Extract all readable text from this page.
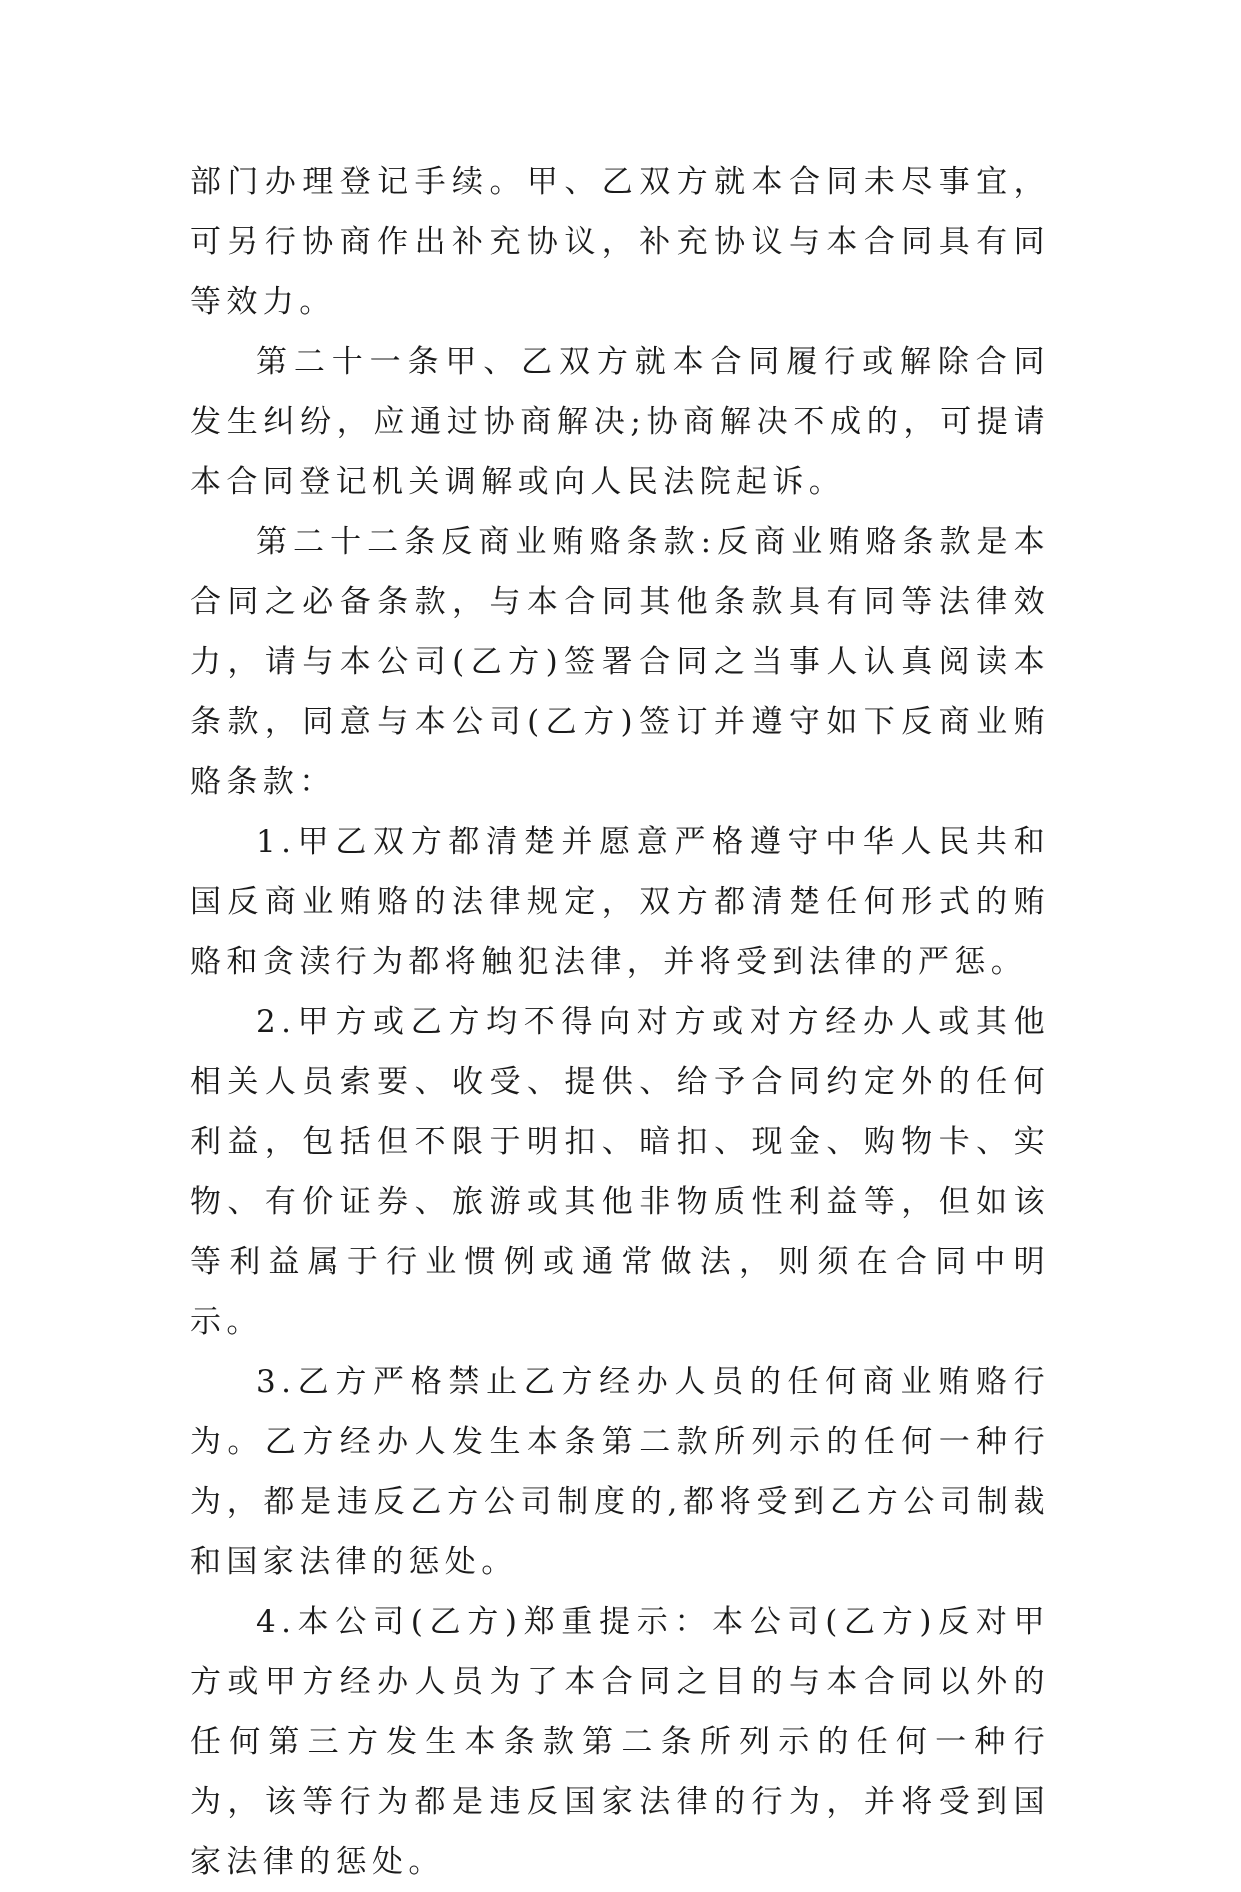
部门办理登记手续。甲、乙双方就本合同未尽事宜，可另行协商作出补充协议，补充协议与本合同具有同等效力。

第二十一条甲、乙双方就本合同履行或解除合同发生纠纷，应通过协商解决;协商解决不成的，可提请本合同登记机关调解或向人民法院起诉。

第二十二条反商业贿赂条款:反商业贿赂条款是本合同之必备条款，与本合同其他条款具有同等法律效力，请与本公司(乙方)签署合同之当事人认真阅读本条款，同意与本公司(乙方)签订并遵守如下反商业贿赂条款：

1.甲乙双方都清楚并愿意严格遵守中华人民共和国反商业贿赂的法律规定，双方都清楚任何形式的贿赂和贪渎行为都将触犯法律，并将受到法律的严惩。

2.甲方或乙方均不得向对方或对方经办人或其他相关人员索要、收受、提供、给予合同约定外的任何利益，包括但不限于明扣、暗扣、现金、购物卡、实物、有价证券、旅游或其他非物质性利益等，但如该等利益属于行业惯例或通常做法，则须在合同中明示。

3.乙方严格禁止乙方经办人员的任何商业贿赂行为。乙方经办人发生本条第二款所列示的任何一种行为，都是违反乙方公司制度的,都将受到乙方公司制裁和国家法律的惩处。

4.本公司(乙方)郑重提示：本公司(乙方)反对甲方或甲方经办人员为了本合同之目的与本合同以外的任何第三方发生本条款第二条所列示的任何一种行为，该等行为都是违反国家法律的行为，并将受到国家法律的惩处。
